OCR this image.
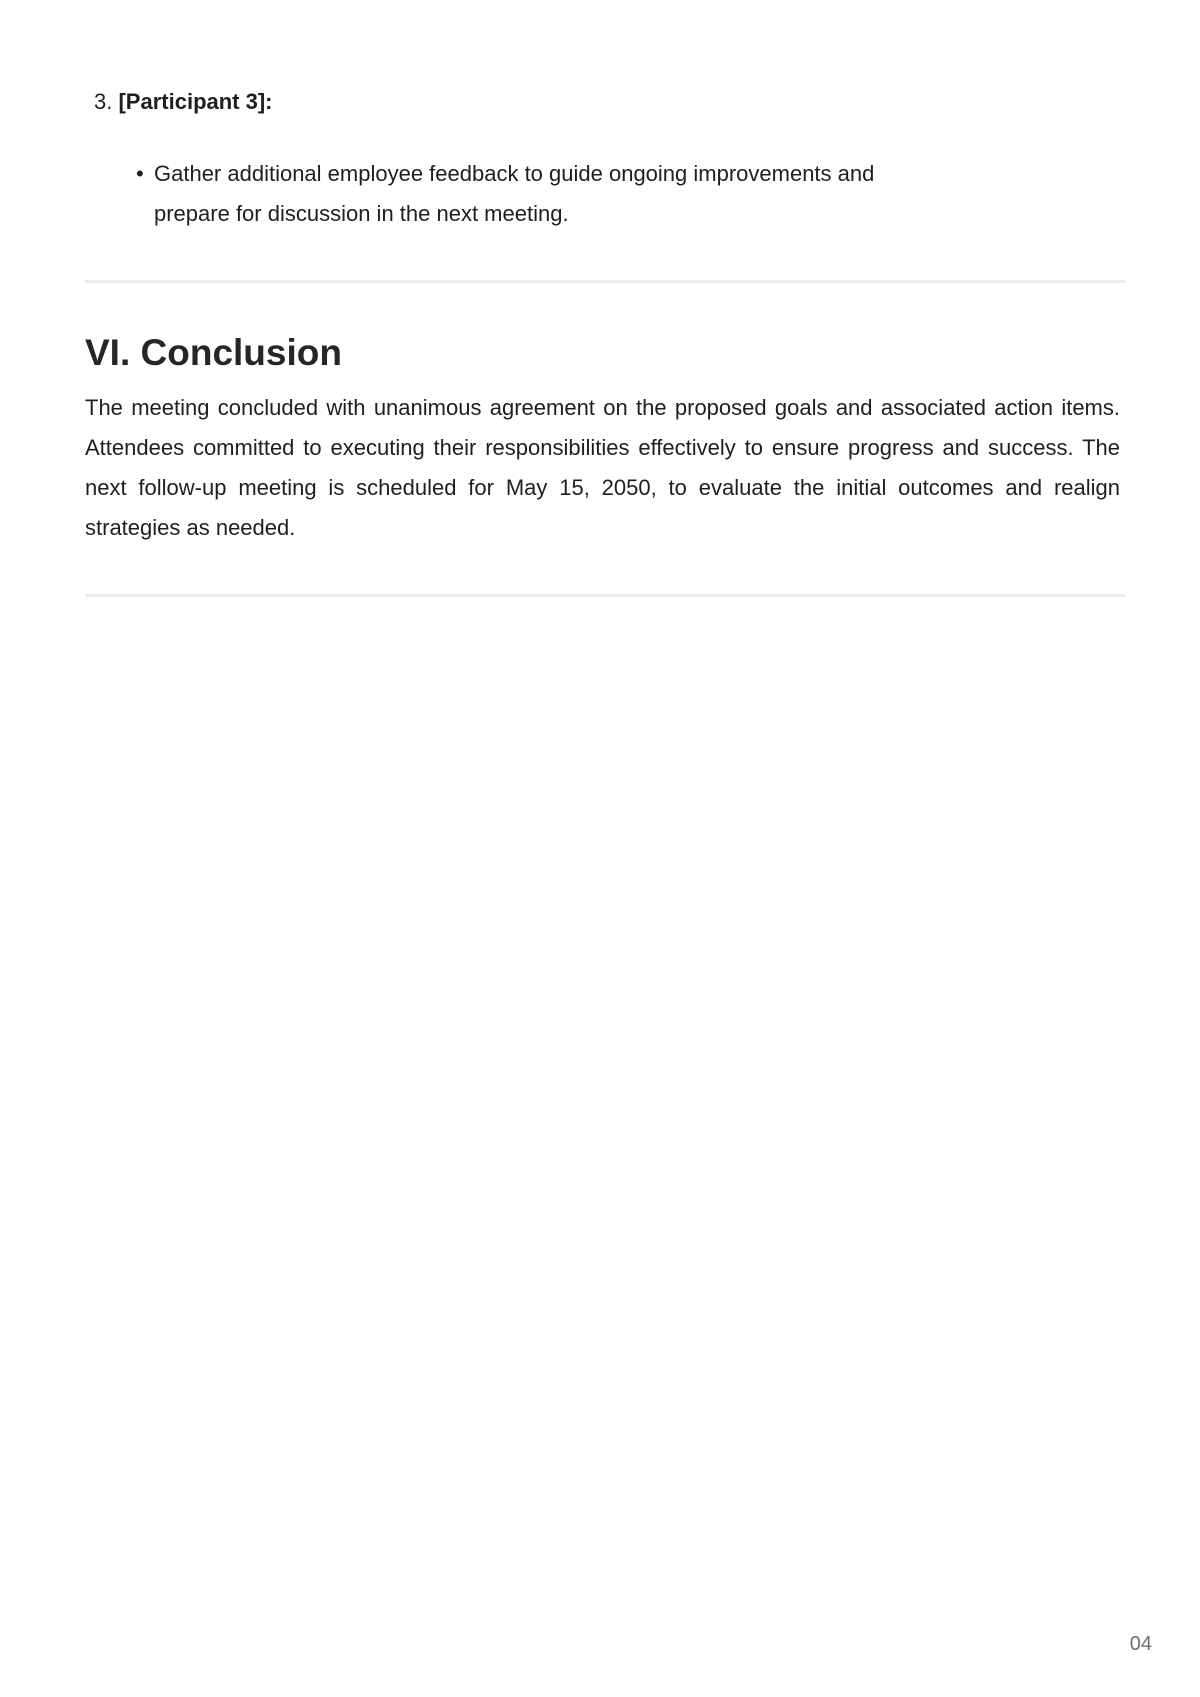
3. [Participant 3]:
• Gather additional employee feedback to guide ongoing improvements and prepare for discussion in the next meeting.
VI. Conclusion

The meeting concluded with unanimous agreement on the proposed goals and associated action items. Attendees committed to executing their responsibilities effectively to ensure progress and success. The next follow-up meeting is scheduled for May 15, 2050, to evaluate the initial outcomes and realign strategies as needed.

04
